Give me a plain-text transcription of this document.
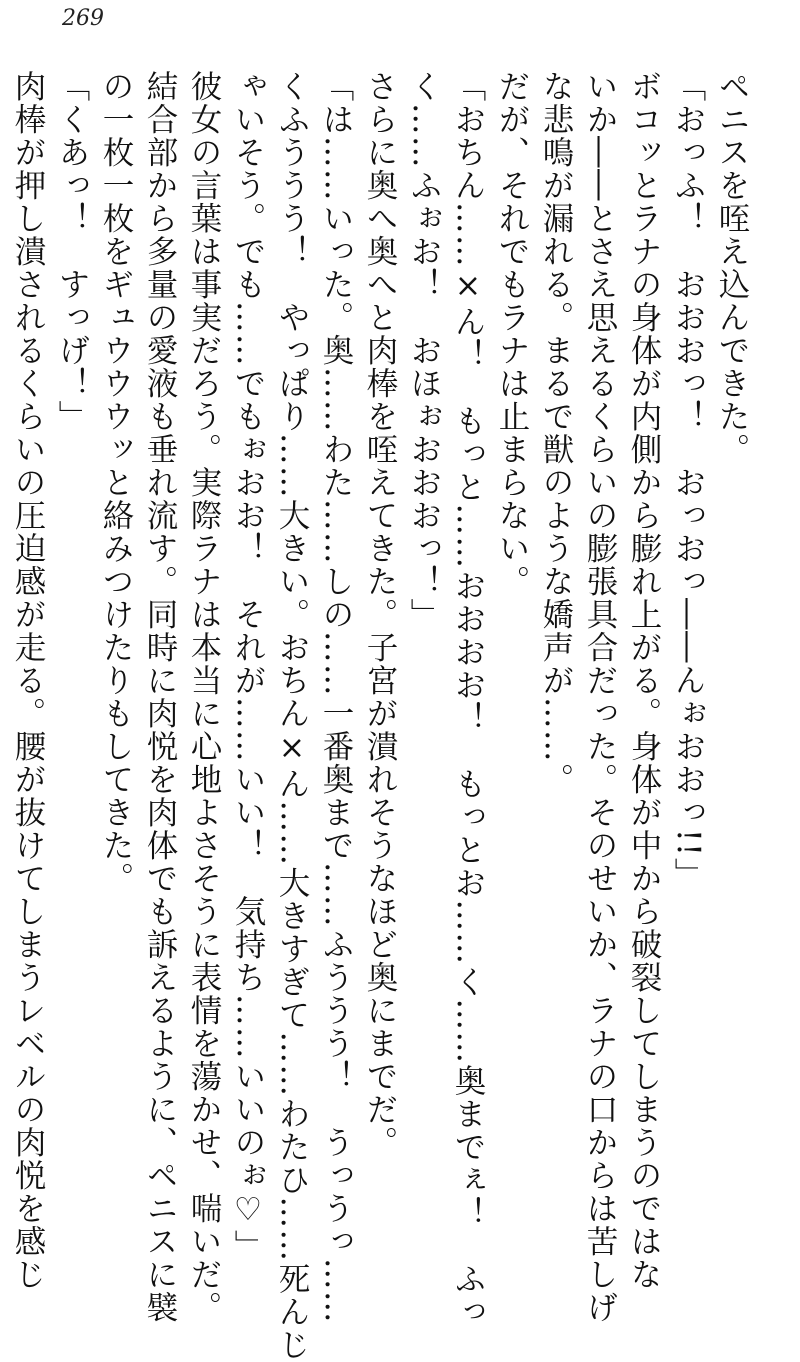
269
ペニスを咥え込んできた。
「おっふ！　おおおっ！　おっおっ――んぉおおっ!!」
ボコッとラナの身体が内側から膨れ上がる。身体が中から破裂してしまうのではな
いか――とさえ思えるくらいの膨張具合だった。そのせいか、ラナの口からは苦しげ
な悲鳴が漏れる。まるで獣のような嬌声が……。
だが、それでもラナは止まらない。
「おちん……×ん！　もっと……おおおお！　もっとお……く……奥までぇ！　ふっ
く……ふぉお！　おほぉおおおっ！」
さらに奥へ奥へと肉棒を咥えてきた。子宮が潰れそうなほど奥にまでだ。
「は……いった。奥……わた……しの……一番奥まで……ふううう！　うっうっ……
くふううう！　やっぱり……大きい。おちん×ん……大きすぎて……わたひ……死んじ
ゃいそう。でも……でもぉおお！　それが……いい！　気持ち……いいのぉ♡」
彼女の言葉は事実だろう。実際ラナは本当に心地よさそうに表情を蕩かせ、喘いだ。
結合部から多量の愛液も垂れ流す。同時に肉悦を肉体でも訴えるように、ペニスに襞
の一枚一枚をギュウウウッと絡みつけたりもしてきた。
「くあっ！　すっげ！」
肉棒が押し潰されるくらいの圧迫感が走る。腰が抜けてしまうレベルの肉悦を感じ
